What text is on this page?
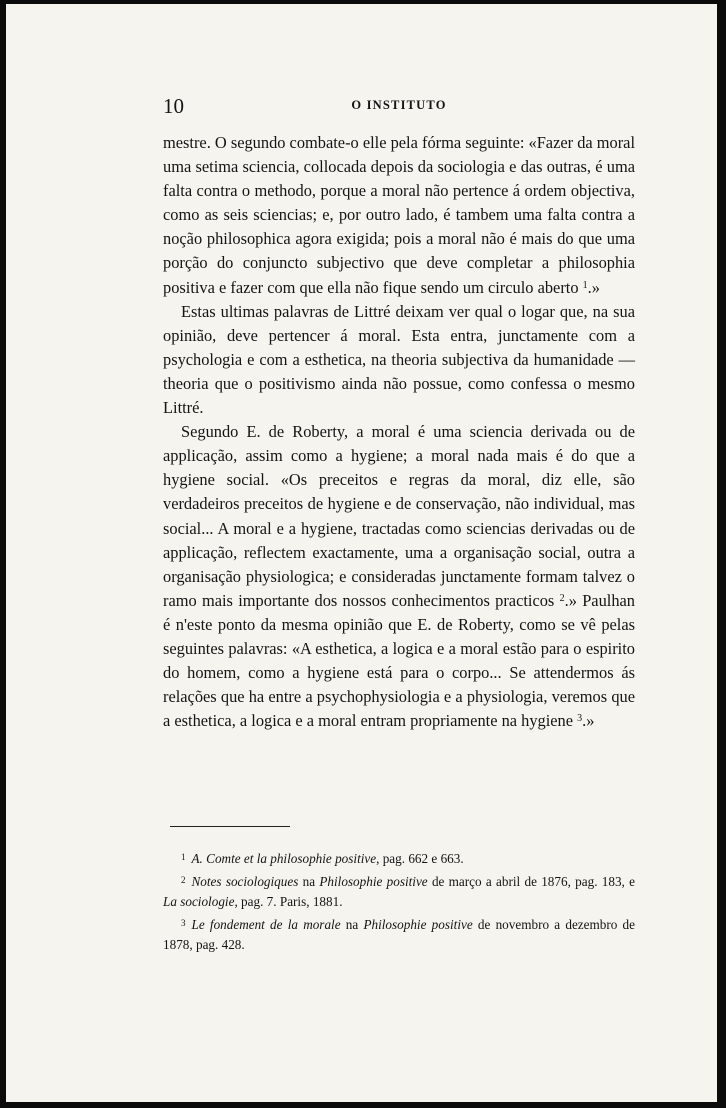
10	O INSTITUTO

mestre. O segundo combate-o elle pela fórma seguinte: «Fazer da moral uma setima sciencia, collocada depois da sociologia e das outras, é uma falta contra o methodo, porque a moral não pertence á ordem objectiva, como as seis sciencias; e, por outro lado, é tambem uma falta contra a noção philosophica agora exigida; pois a moral não é mais do que uma porção do conjuncto subjectivo que deve completar a philosophia positiva e fazer com que ella não fique sendo um circulo aberto $^1$.»

Estas ultimas palavras de Littré deixam ver qual o logar que, na sua opinião, deve pertencer á moral. Esta entra, junctamente com a psychologia e com a esthetica, na theoria subjectiva da humanidade — theoria que o positivismo ainda não possue, como confessa o mesmo Littré.

Segundo E. de Roberty, a moral é uma sciencia derivada ou de applicação, assim como a hygiene; a moral nada mais é do que a hygiene social. «Os preceitos e regras da moral, diz elle, são verdadeiros preceitos de hygiene e de conservação, não individual, mas social... A moral e a hygiene, tractadas como sciencias derivadas ou de applicação, reflectem exactamente, uma a organisação social, outra a organisação physiologica; e consideradas junctamente formam talvez o ramo mais importante dos nossos conhecimentos practicos $^2$.» Paulhan é n'este ponto da mesma opinião que E. de Roberty, como se vê pelas seguintes palavras: «A esthetica, a logica e a moral estão para o espirito do homem, como a hygiene está para o corpo... Se attendermos ás relações que ha entre a psychophysiologia e a physiologia, veremos que a esthetica, a logica e a moral entram propriamente na hygiene $^3$.»

$^1$ A. Comte et la philosophie positive, pag. 662 e 663.

$^2$ Notes sociologiques na Philosophie positive de março a abril de 1876, pag. 183, e La sociologie, pag. 7. Paris, 1881.

$^3$ Le fondement de la morale na Philosophie positive de novembro a dezembro de 1878, pag. 428.
